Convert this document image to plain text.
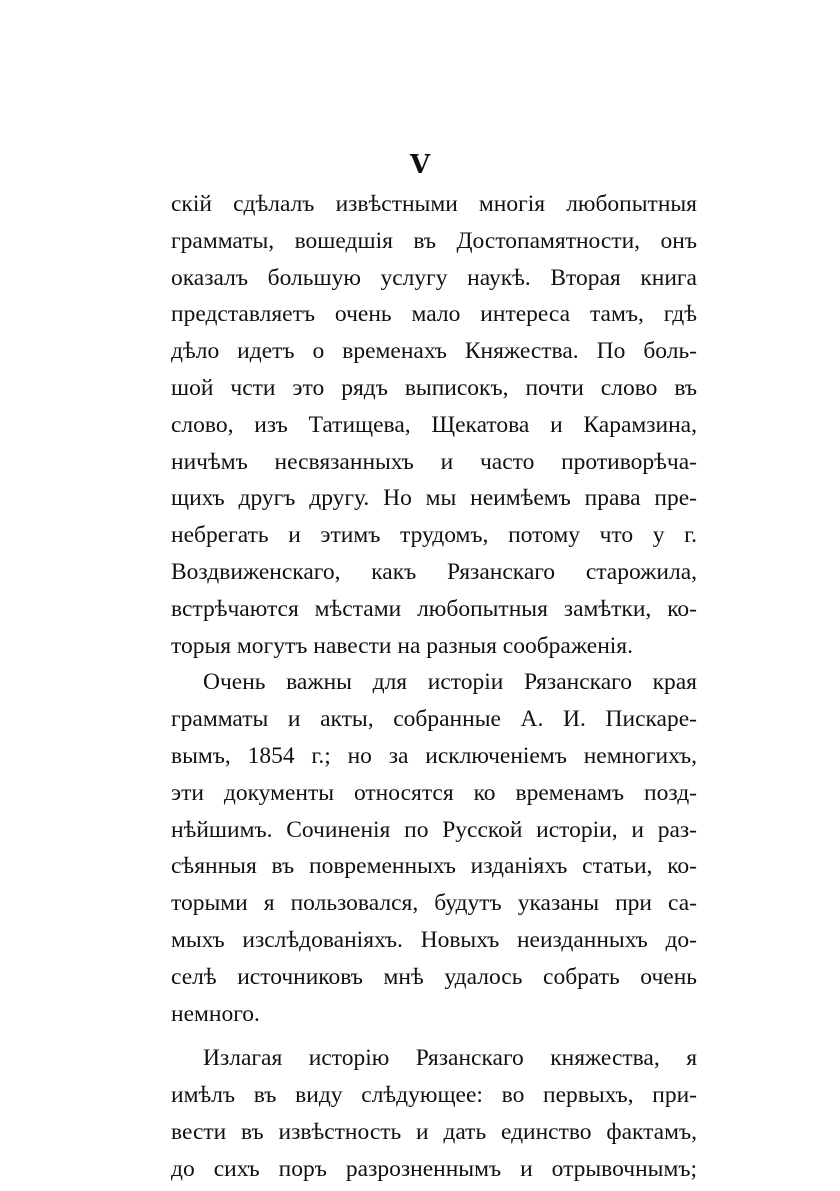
V
скій сдѣлалъ извѣстными многія любопытныя
грамматы, вошедшія въ Достопамятности, онъ
оказалъ большую услугу наукѣ. Вторая книга
представляетъ очень мало интереса тамъ, гдѣ
дѣло идетъ о временахъ Княжества. По боль-
шой чсти это рядъ выписокъ, почти слово въ
слово, изъ Татищева, Щекатова и Карамзина,
ничѣмъ несвязанныхъ и часто противорѣча-
щихъ другъ другу. Но мы неимѣемъ права пре-
небрегать и этимъ трудомъ, потому что у г.
Воздвиженскаго, какъ Рязанскаго старожила,
встрѣчаются мѣстами любопытныя замѣтки, ко-
торыя могутъ навести на разныя соображенія.
Очень важны для исторіи Рязанскаго края
грамматы и акты, собранные А. И. Пискаре-
вымъ, 1854 г.; но за исключеніемъ немногихъ,
эти документы относятся ко временамъ позд-
нѣйшимъ. Сочиненія по Русской исторіи, и раз-
сѣянныя въ повременныхъ изданіяхъ статьи, ко-
торыми я пользовался, будутъ указаны при са-
мыхъ изслѣдованіяхъ. Новыхъ неизданныхъ до-
селѣ источниковъ мнѣ удалось собрать очень
немного.
Излагая исторію Рязанскаго княжества, я
имѣлъ въ виду слѣдующее: во первыхъ, при-
вести въ извѣстность и дать единство фактамъ,
до сихъ поръ разрозненнымъ и отрывочнымъ;
